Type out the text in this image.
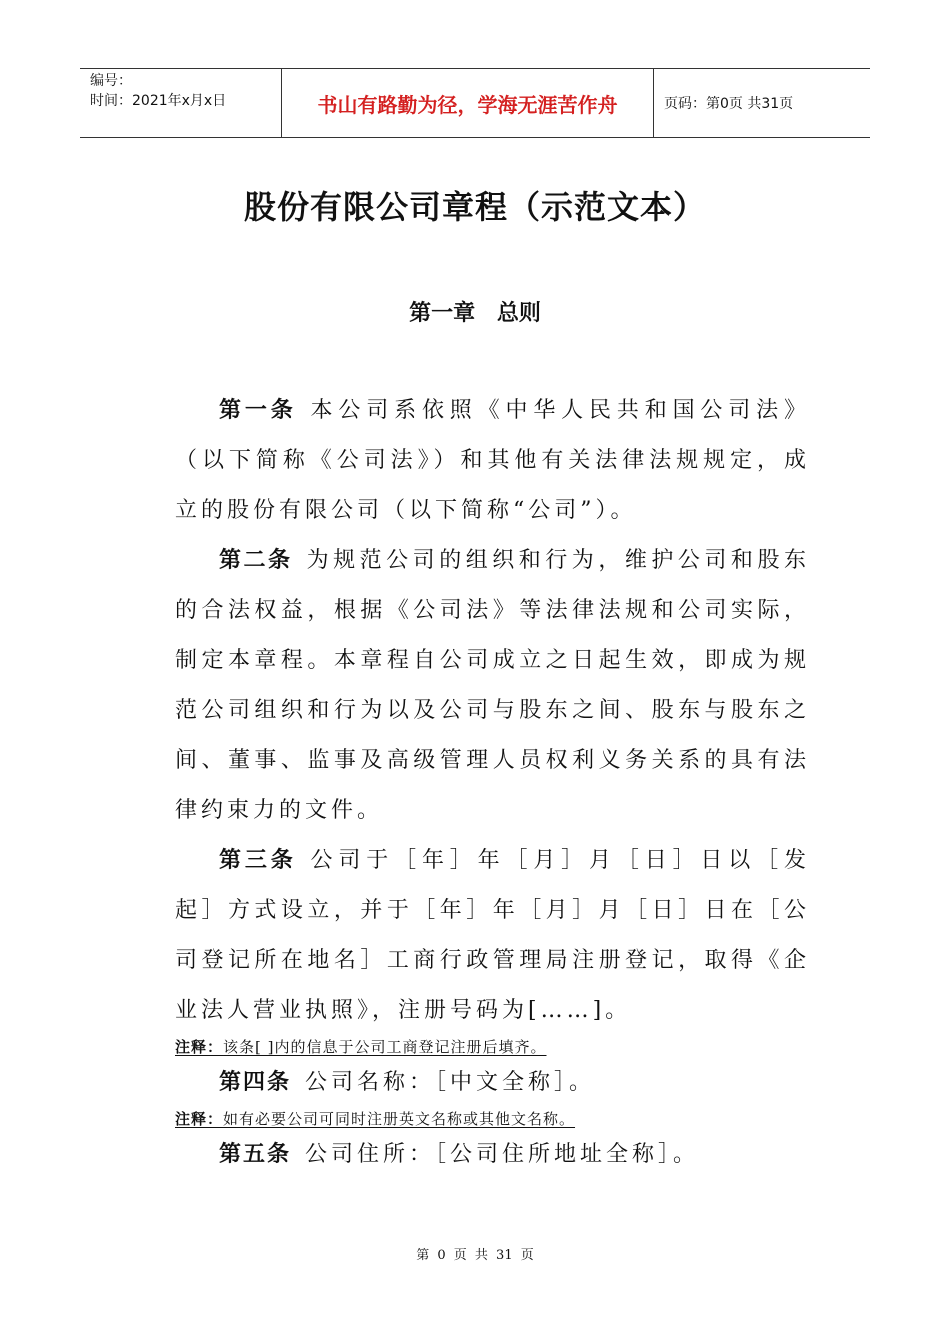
编号：
时间：2021年x月x日	书山有路勤为径，学海无涯苦作舟	页码：第0页 共31页
股份有限公司章程（示范文本）
第一章 总则

第一条 本公司系依照《中华人民共和国公司法》（以下简称《公司法》）和其他有关法律法规规定，成立的股份有限公司（以下简称“公司”）。

第二条 为规范公司的组织和行为，维护公司和股东的合法权益，根据《公司法》等法律法规和公司实际，制定本章程。本章程自公司成立之日起生效，即成为规范公司组织和行为以及公司与股东之间、股东与股东之间、董事、监事及高级管理人员权利义务关系的具有法律约束力的文件。

第三条 公司于［年］年［月］月［日］日以［发起］方式设立，并于［年］年［月］月［日］日在［公司登记所在地名］工商行政管理局注册登记，取得《企业法人营业执照》，注册号码为[……]。

注释：该条[ ]内的信息于公司工商登记注册后填齐。

第四条 公司名称：［中文全称］。

注释：如有必要公司可同时注册英文名称或其他文名称。

第五条 公司住所：［公司住所地址全称］。

第 0 页 共 31 页
